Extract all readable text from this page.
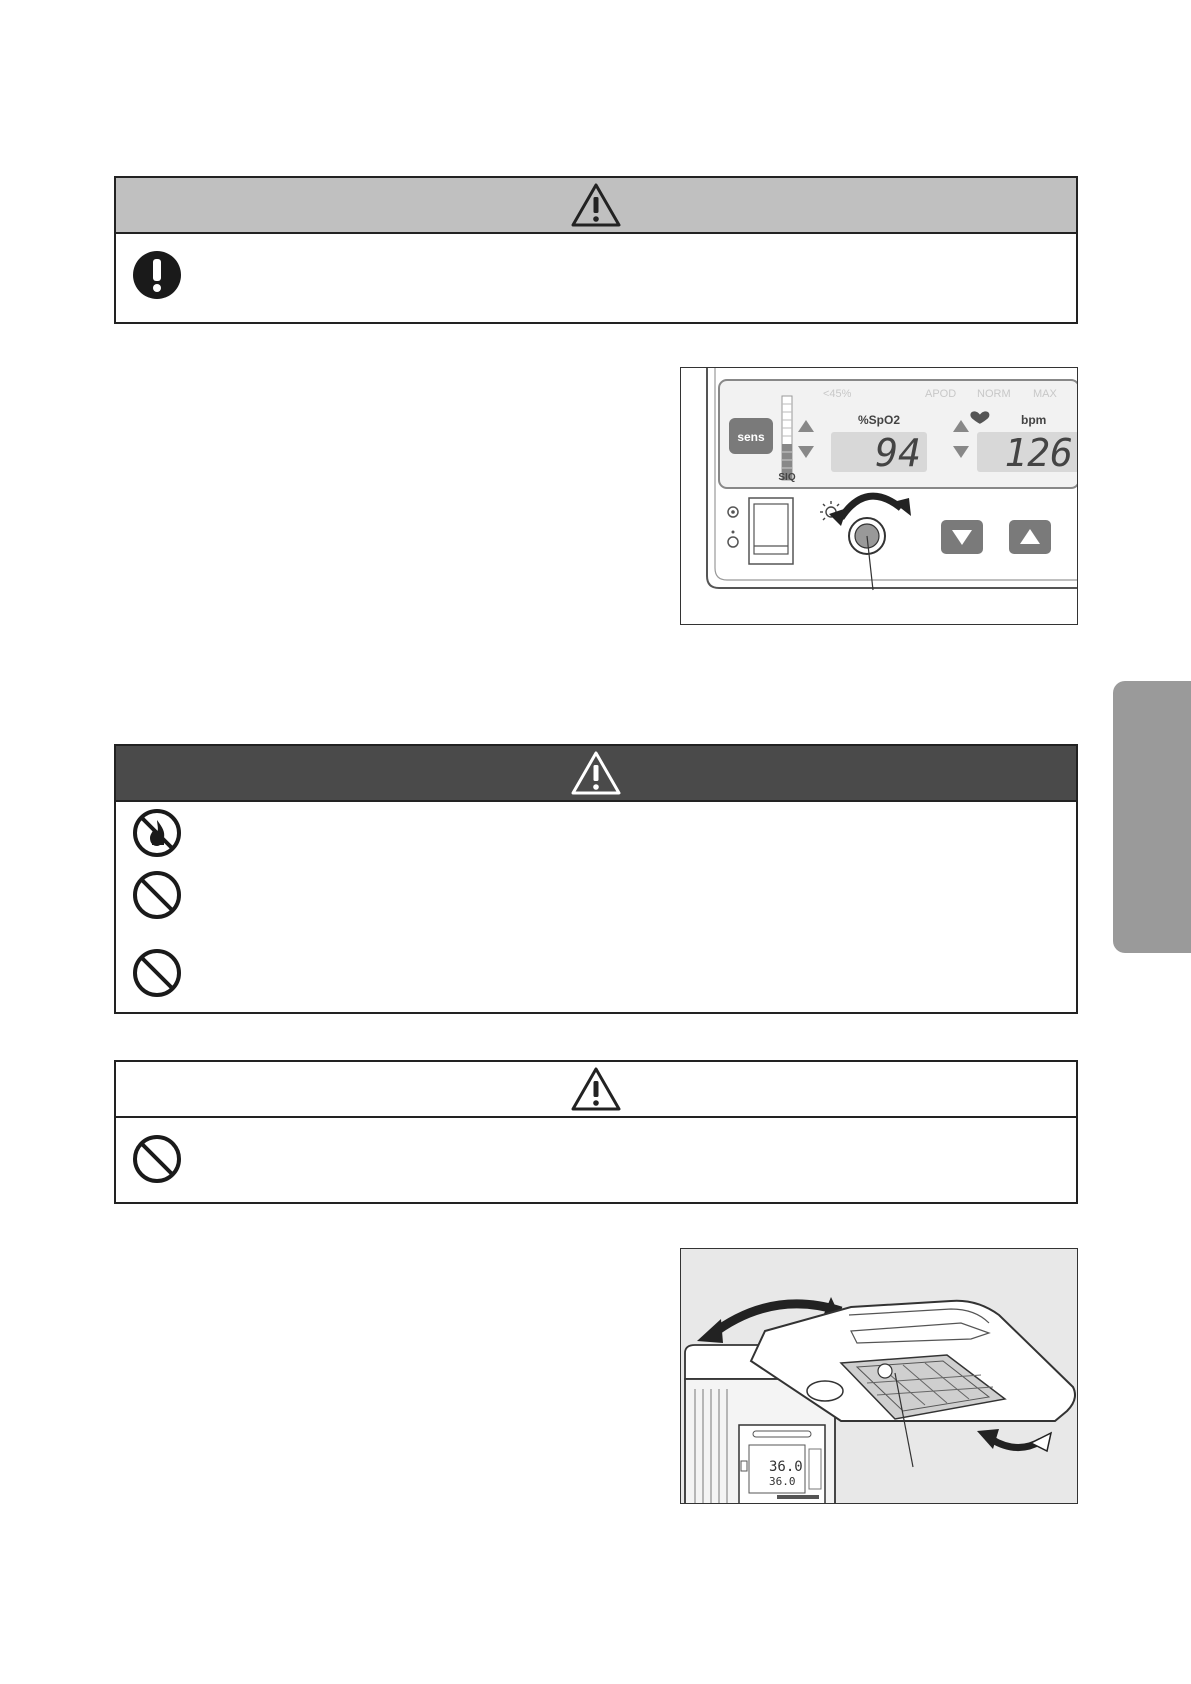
<45%	APOD NORM MAX
sens
SIQ
%SpO2
94
bpm
126
36.0
36.0
